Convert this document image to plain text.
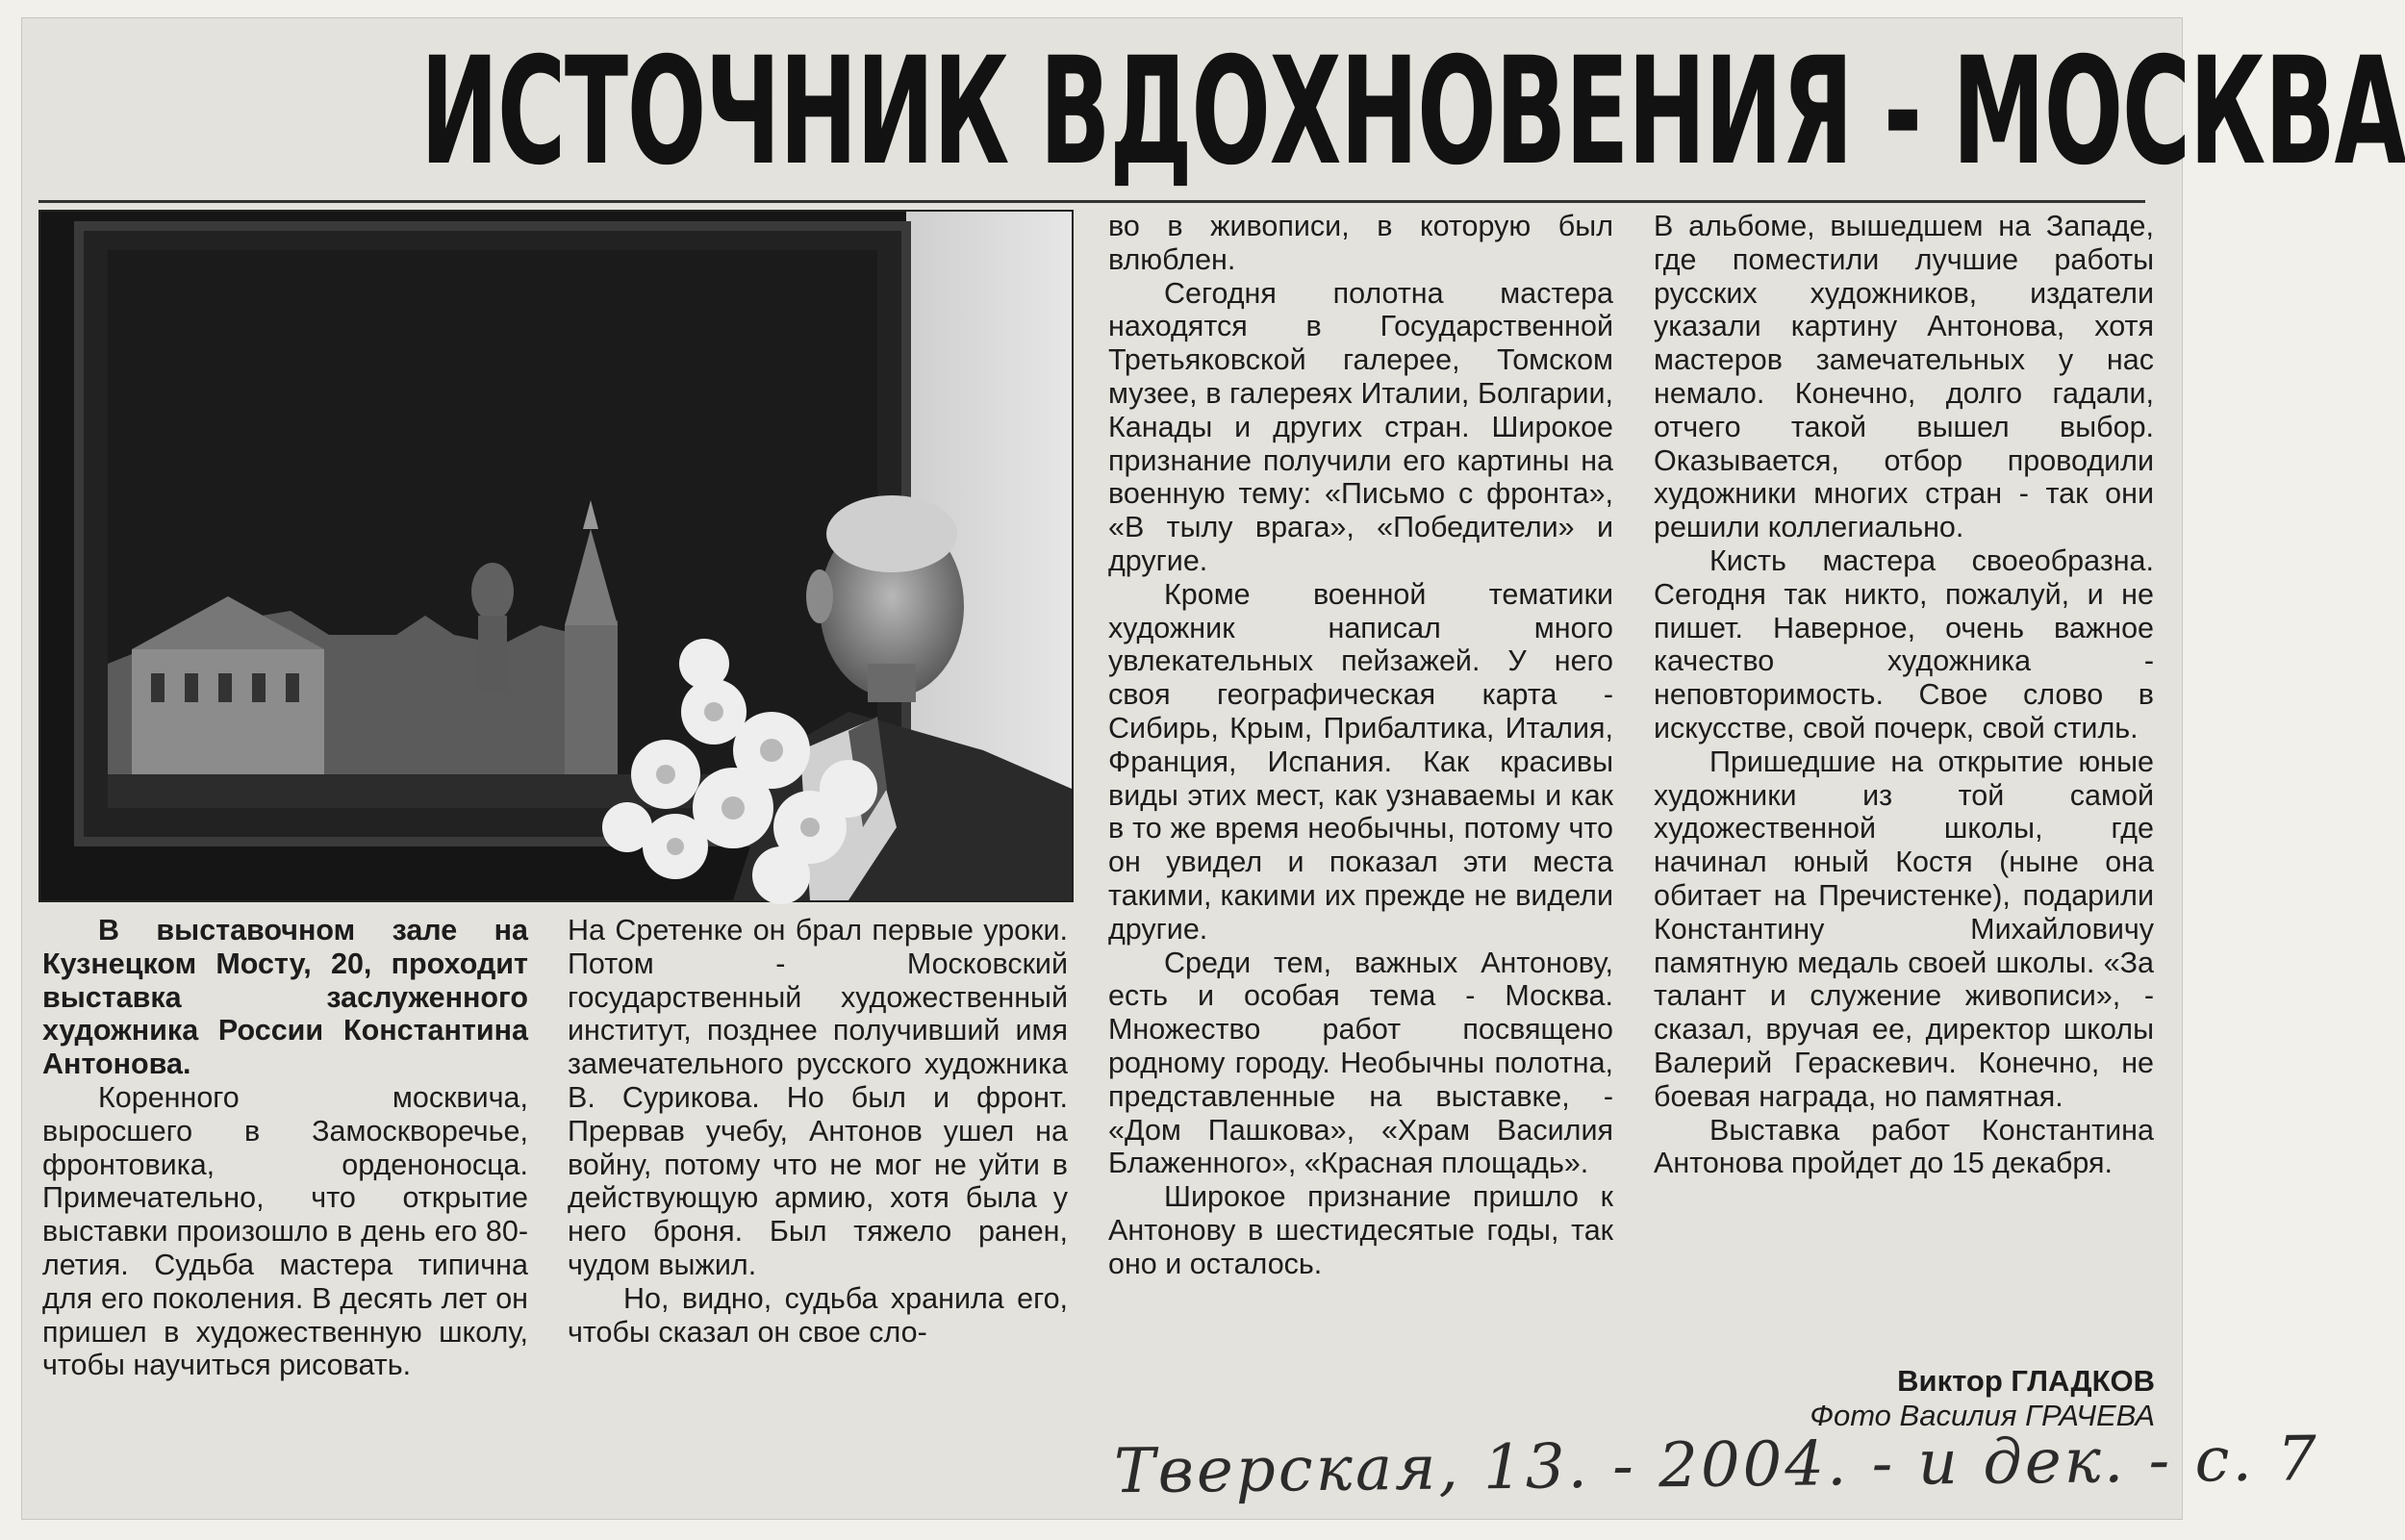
ИСТОЧНИК ВДОХНОВЕНИЯ - МОСКВА

В выставочном зале на Кузнецком Мосту, 20, проходит выставка заслуженного художника России Константина Антонова.

Коренного москвича, выросшего в Замоскворечье, фронтовика, орденоносца. Примечательно, что открытие выставки произошло в день его 80-летия. Судьба мастера типична для его поколения. В десять лет он пришел в художественную школу, чтобы научиться рисовать.

На Сретенке он брал первые уроки. Потом - Московский государственный художественный институт, позднее получивший имя замечательного русского художника В. Сурикова. Но был и фронт. Прервав учебу, Антонов ушел на войну, потому что не мог не уйти в действующую армию, хотя была у него броня. Был тяжело ранен, чудом выжил.

Но, видно, судьба хранила его, чтобы сказал он свое сло-

во в живописи, в которую был влюблен.

Сегодня полотна мастера находятся в Государственной Третьяковской галерее, Томском музее, в галереях Италии, Болгарии, Канады и других стран. Широкое признание получили его картины на военную тему: «Письмо с фронта», «В тылу врага», «Победители» и другие.

Кроме военной тематики художник написал много увлекательных пейзажей. У него своя географическая карта - Сибирь, Крым, Прибалтика, Италия, Франция, Испания. Как красивы виды этих мест, как узнаваемы и как в то же время необычны, потому что он увидел и показал эти места такими, какими их прежде не видели другие.

Среди тем, важных Антонову, есть и особая тема - Москва. Множество работ посвящено родному городу. Необычны полотна, представленные на выставке, - «Дом Пашкова», «Храм Василия Блаженного», «Красная площадь».

Широкое признание пришло к Антонову в шестидесятые годы, так оно и осталось.

В альбоме, вышедшем на Западе, где поместили лучшие работы русских художников, издатели указали картину Антонова, хотя мастеров замечательных у нас немало. Конечно, долго гадали, отчего такой вышел выбор. Оказывается, отбор проводили художники многих стран - так они решили коллегиально.

Кисть мастера своеобразна. Сегодня так никто, пожалуй, и не пишет. Наверное, очень важное качество художника - неповторимость. Свое слово в искусстве, свой почерк, свой стиль.

Пришедшие на открытие юные художники из той самой художественной школы, где начинал юный Костя (ныне она обитает на Пречистенке), подарили Константину Михайловичу памятную медаль своей школы. «За талант и служение живописи», - сказал, вручая ее, директор школы Валерий Гераскевич. Конечно, не боевая награда, но памятная.

Выставка работ Константина Антонова пройдет до 15 декабря.

Виктор ГЛАДКОВ
Фото Василия ГРАЧЕВА
Тверская, 13. - 2004. - и дек. - с. 7
